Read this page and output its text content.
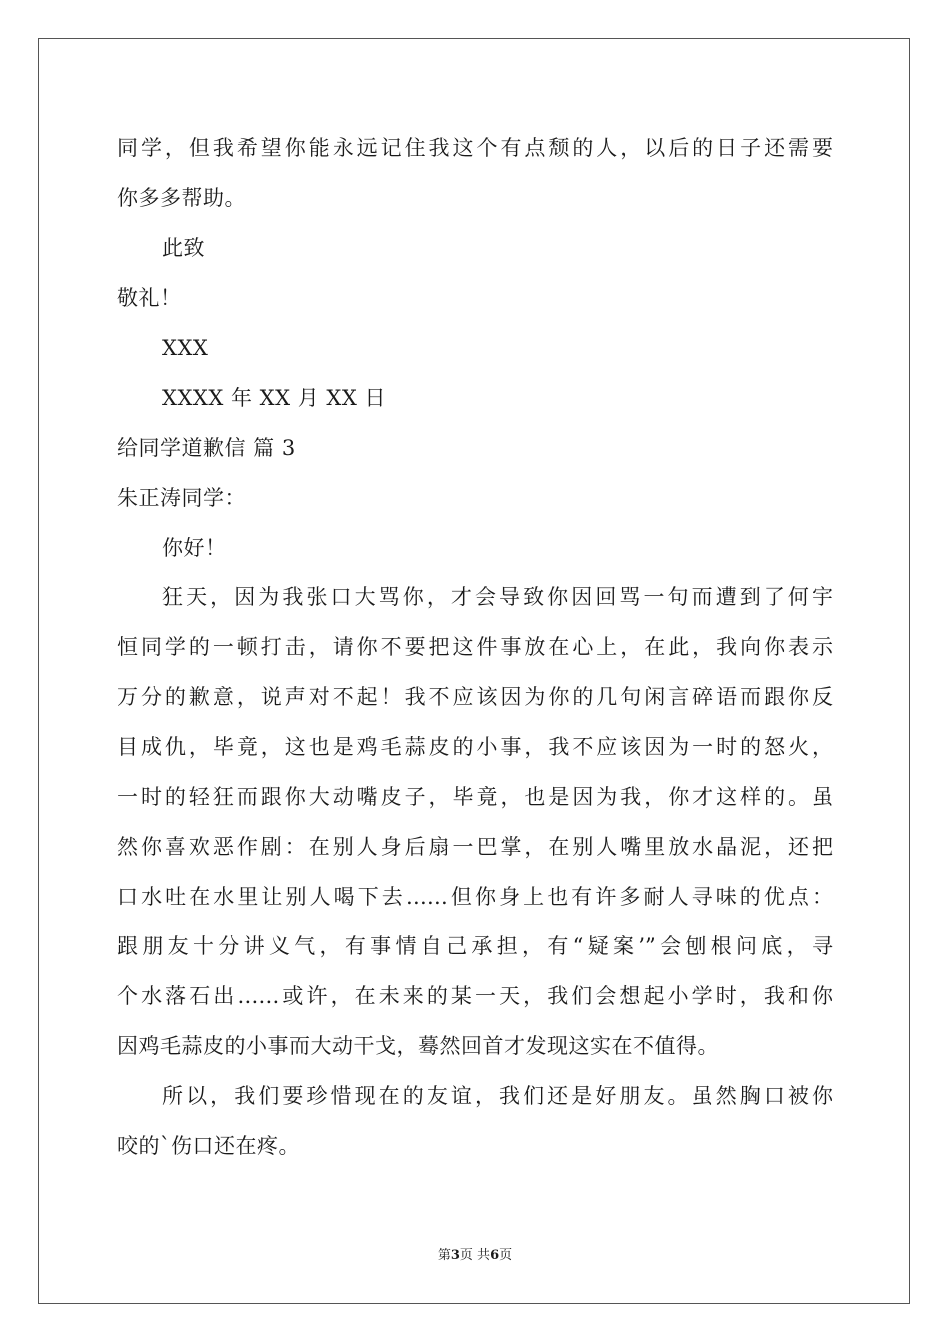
同学，但我希望你能永远记住我这个有点颓的人，以后的日子还需要
你多多帮助。
此致
敬礼！
XXX
XXXX 年 XX 月 XX 日
给同学道歉信 篇 3
朱正涛同学：
你好！
狂天，因为我张口大骂你，才会导致你因回骂一句而遭到了何宇
恒同学的一顿打击，请你不要把这件事放在心上，在此，我向你表示
万分的歉意，说声对不起！我不应该因为你的几句闲言碎语而跟你反
目成仇，毕竟，这也是鸡毛蒜皮的小事，我不应该因为一时的怒火，
一时的轻狂而跟你大动嘴皮子，毕竟，也是因为我，你才这样的。虽
然你喜欢恶作剧：在别人身后扇一巴掌，在别人嘴里放水晶泥，还把
口水吐在水里让别人喝下去……但你身上也有许多耐人寻味的优点：
跟朋友十分讲义气，有事情自己承担，有“疑案’”会刨根问底，寻
个水落石出……或许，在未来的某一天，我们会想起小学时，我和你
因鸡毛蒜皮的小事而大动干戈，蓦然回首才发现这实在不值得。
所以，我们要珍惜现在的友谊，我们还是好朋友。虽然胸口被你
咬的`伤口还在疼。
第3页 共6页
